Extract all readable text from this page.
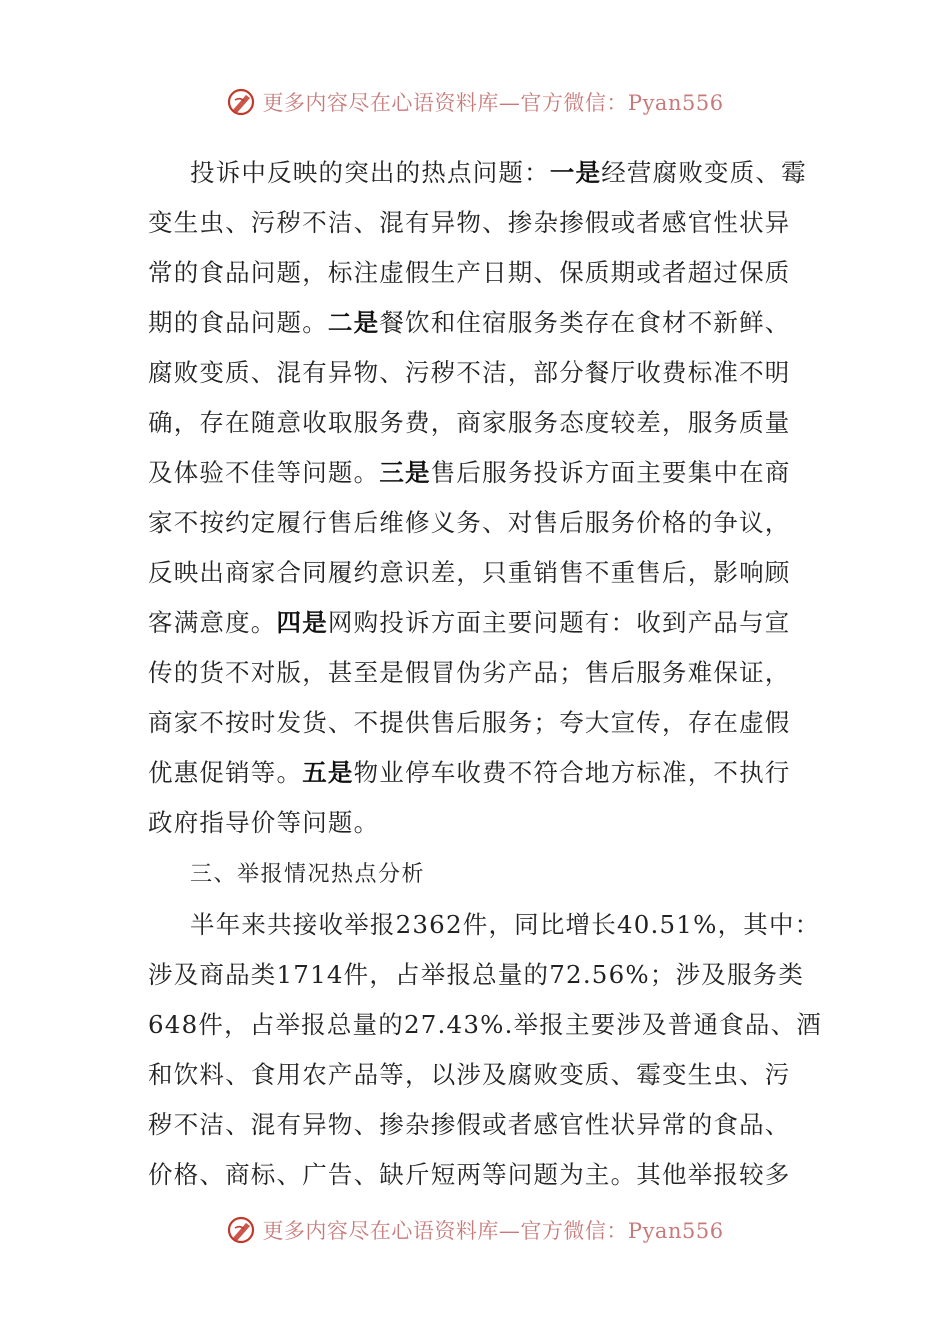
更多内容尽在心语资料库—官方微信：Pyan556
投诉中反映的突出的热点问题：一是经营腐败变质、霉
变生虫、污秽不洁、混有异物、掺杂掺假或者感官性状异
常的食品问题，标注虚假生产日期、保质期或者超过保质
期的食品问题。二是餐饮和住宿服务类存在食材不新鲜、
腐败变质、混有异物、污秽不洁，部分餐厅收费标准不明
确，存在随意收取服务费，商家服务态度较差，服务质量
及体验不佳等问题。三是售后服务投诉方面主要集中在商
家不按约定履行售后维修义务、对售后服务价格的争议，
反映出商家合同履约意识差，只重销售不重售后，影响顾
客满意度。四是网购投诉方面主要问题有：收到产品与宣
传的货不对版，甚至是假冒伪劣产品；售后服务难保证，
商家不按时发货、不提供售后服务；夸大宣传，存在虚假
优惠促销等。五是物业停车收费不符合地方标准，不执行
政府指导价等问题。
三、举报情况热点分析
半年来共接收举报2362件，同比增长40.51%，其中：
涉及商品类1714件，占举报总量的72.56%；涉及服务类
648件，占举报总量的27.43%.举报主要涉及普通食品、酒
和饮料、食用农产品等，以涉及腐败变质、霉变生虫、污
秽不洁、混有异物、掺杂掺假或者感官性状异常的食品、
价格、商标、广告、缺斤短两等问题为主。其他举报较多
更多内容尽在心语资料库—官方微信：Pyan556
